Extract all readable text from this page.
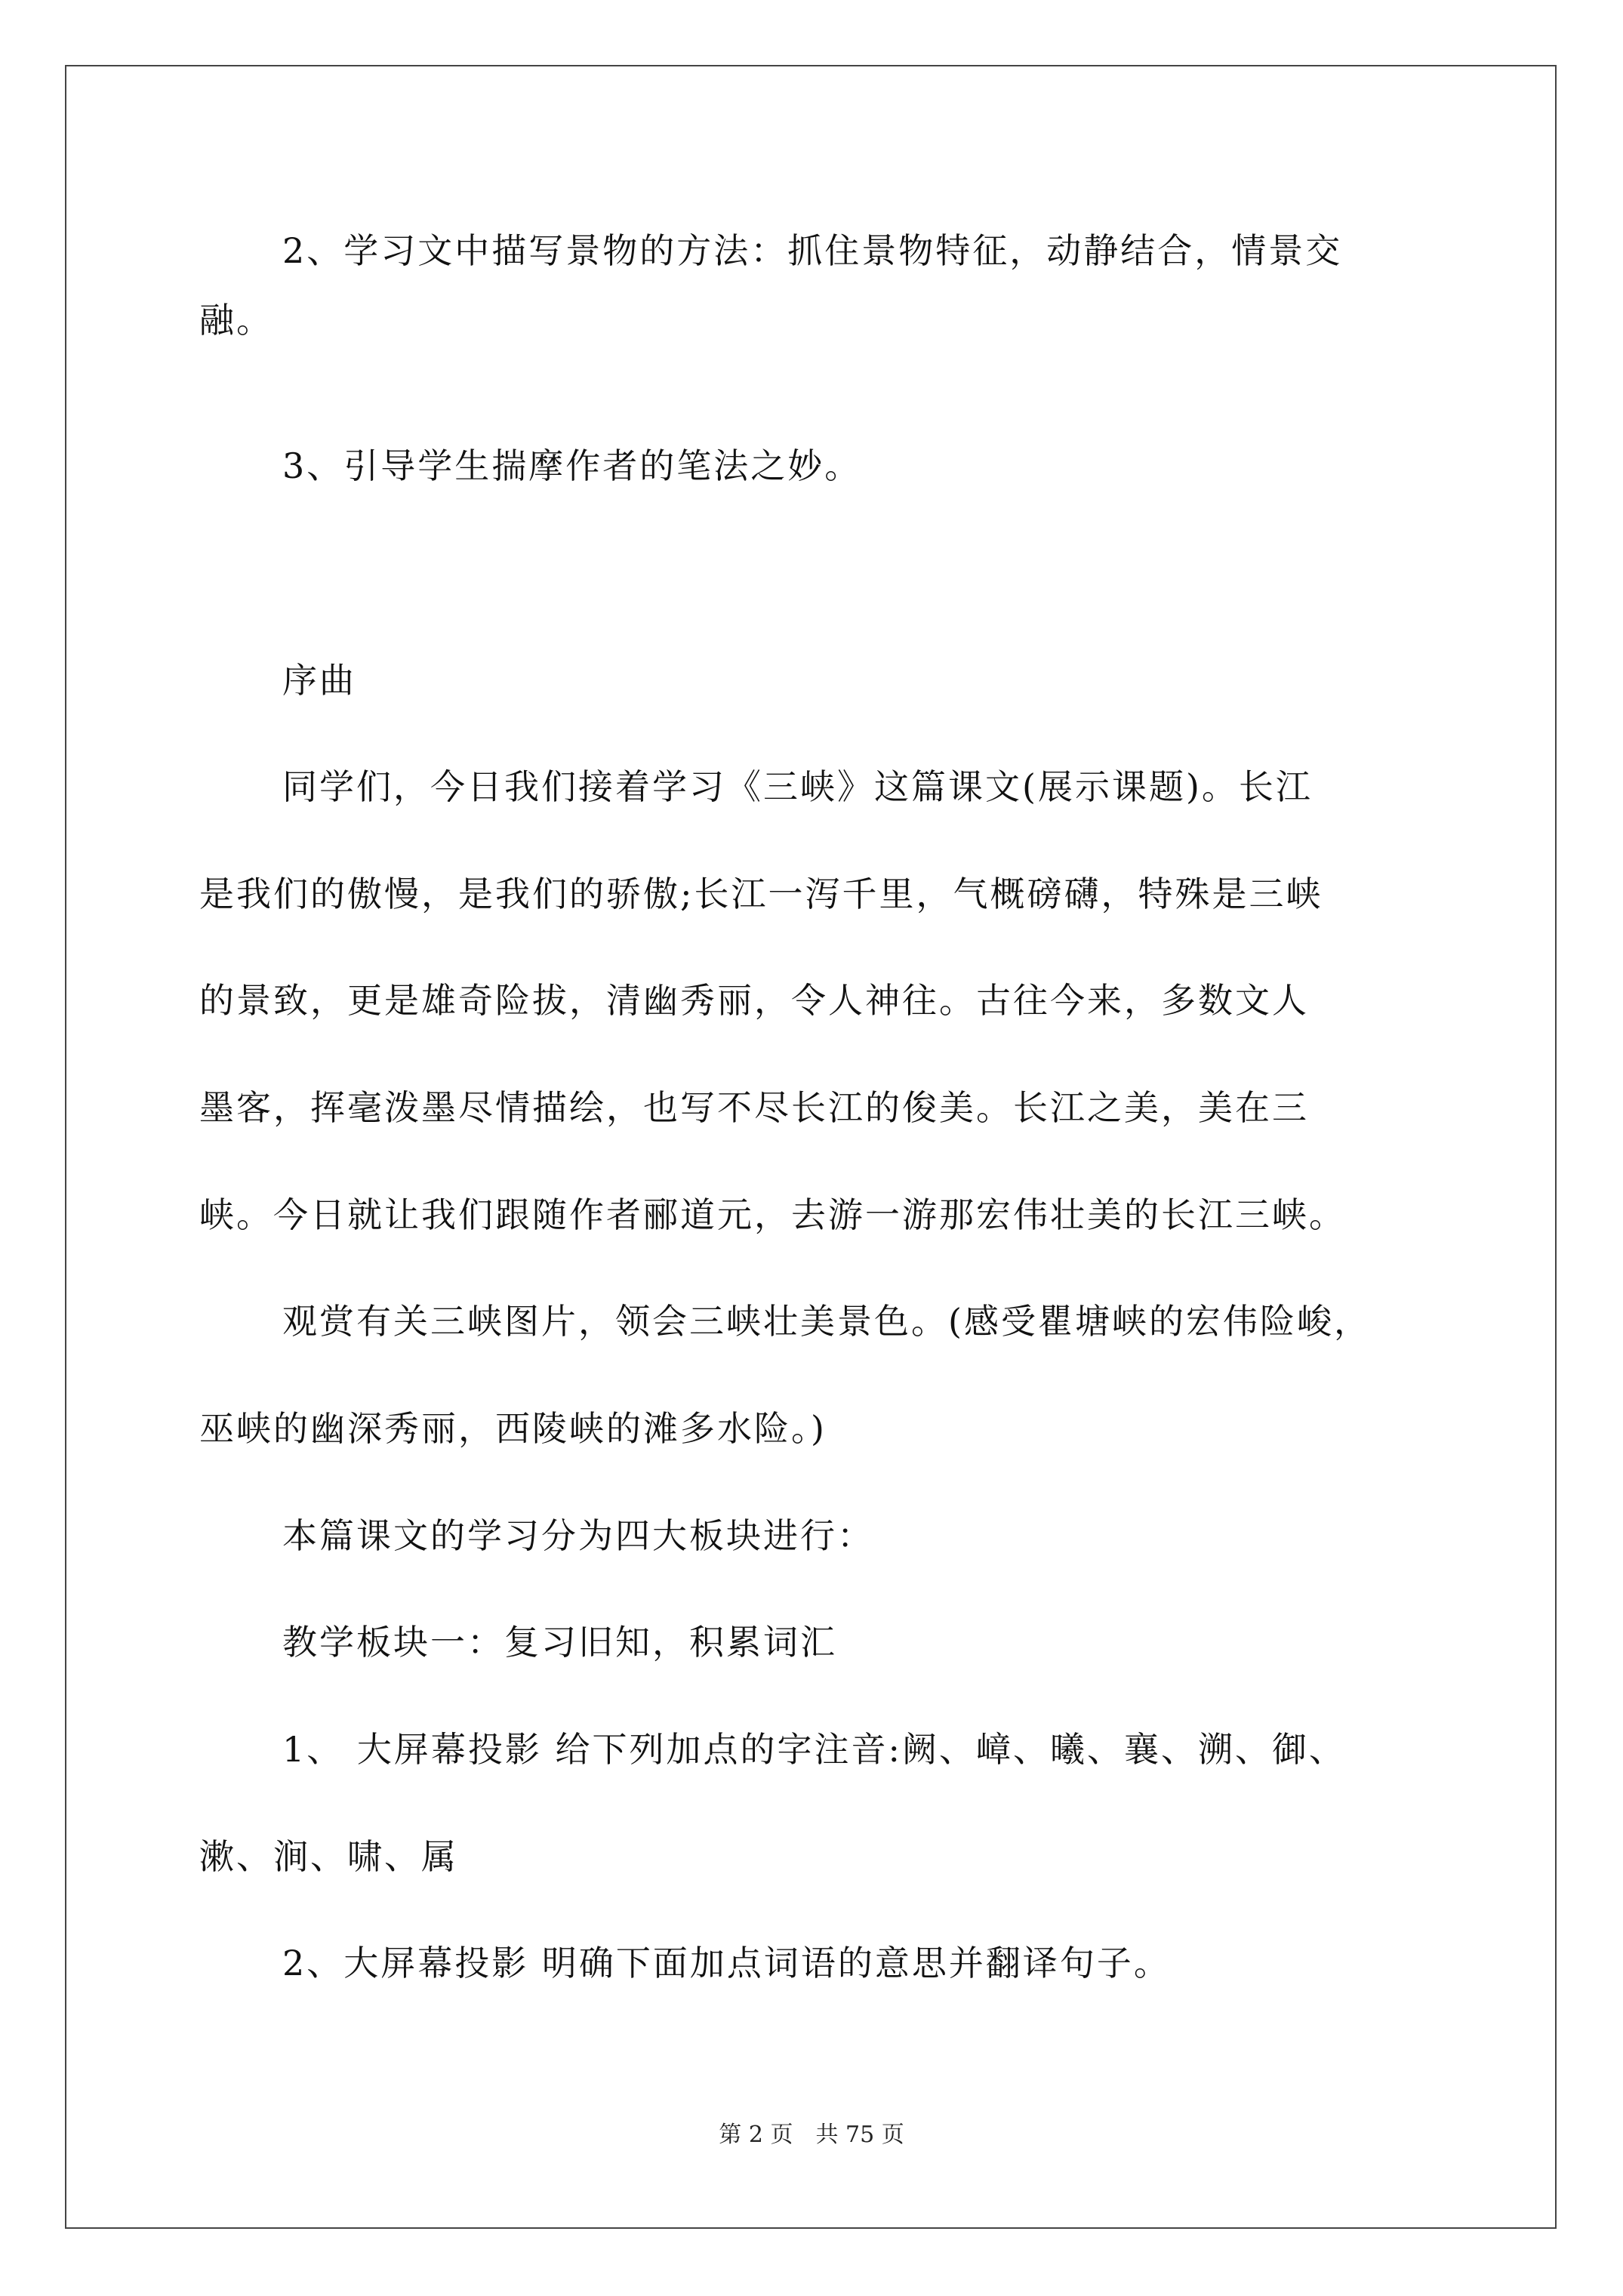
2、学习文中描写景物的方法：抓住景物特征，动静结合，情景交

融。

3、引导学生揣摩作者的笔法之妙。

序曲

同学们，今日我们接着学习《三峡》这篇课文(展示课题)。长江

是我们的傲慢，是我们的骄傲;长江一泻千里，气概磅礴，特殊是三峡

的景致，更是雄奇险拔，清幽秀丽，令人神往。古往今来，多数文人

墨客，挥毫泼墨尽情描绘，也写不尽长江的俊美。长江之美，美在三

峡。今日就让我们跟随作者郦道元，去游一游那宏伟壮美的长江三峡。

观赏有关三峡图片，领会三峡壮美景色。(感受瞿塘峡的宏伟险峻，

巫峡的幽深秀丽，西陵峡的滩多水险。)

本篇课文的学习分为四大板块进行：

教学板块一：复习旧知，积累词汇

1、 大屏幕投影 给下列加点的字注音:阙、嶂、曦、襄、溯、御、

漱、涧、啸、属

2、大屏幕投影 明确下面加点词语的意思并翻译句子。

第 2 页　共 75 页
